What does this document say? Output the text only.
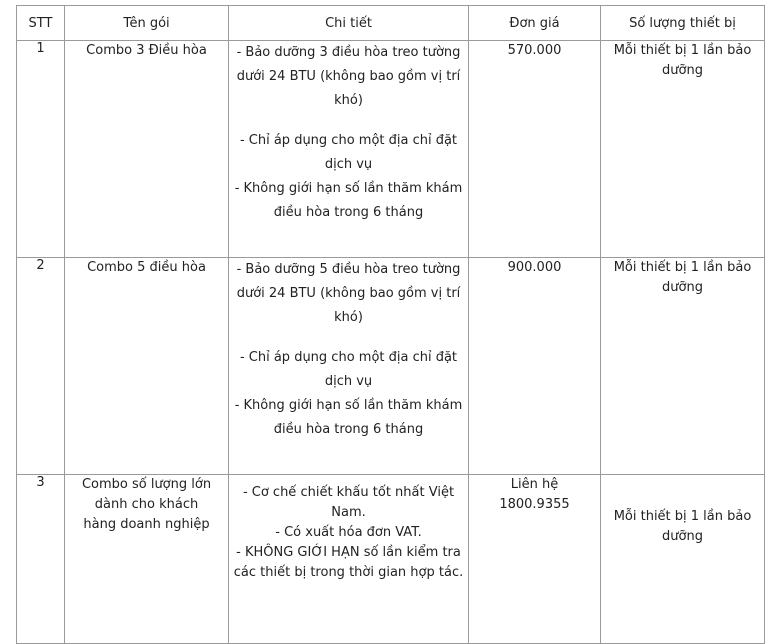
STT	Tên gói	Chi tiết	Đơn giá	Số lượng thiết bị
1	Combo 3 Điều hòa	- Bảo dưỡng 3 điều hòa treo tường dưới 24 BTU (không bao gồm vị trí khó)
- Chỉ áp dụng cho một địa chỉ đặt dịch vụ
- Không giới hạn số lần thăm khám điều hòa trong 6 tháng	570.000	Mỗi thiết bị 1 lần bảo dưỡng
2	Combo 5 điều hòa	- Bảo dưỡng 5 điều hòa treo tường dưới 24 BTU (không bao gồm vị trí khó)
- Chỉ áp dụng cho một địa chỉ đặt dịch vụ
- Không giới hạn số lần thăm khám điều hòa trong 6 tháng	900.000	Mỗi thiết bị 1 lần bảo dưỡng
3	Combo số lượng lớn dành cho khách hàng doanh nghiệp	- Cơ chế chiết khấu tốt nhất Việt Nam.
- Có xuất hóa đơn VAT.
- KHÔNG GIỚI HẠN số lần kiểm tra các thiết bị trong thời gian hợp tác.	Liên hệ
1800.9355	Mỗi thiết bị 1 lần bảo dưỡng
